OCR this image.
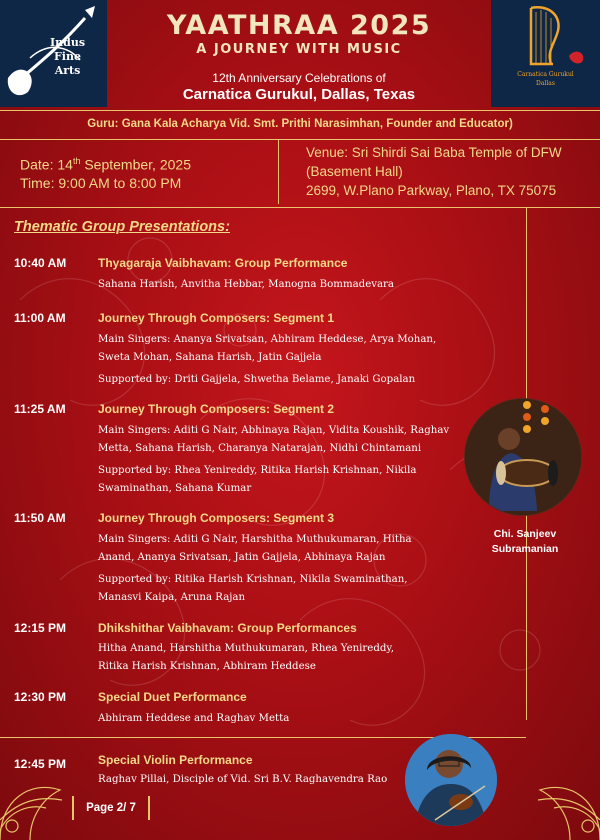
Indus
Fine
Arts	Carnatica Gurukul
Dallas
YAATHRAA 2025
A JOURNEY WITH MUSIC
12th Anniversary Celebrations of
Carnatica Gurukul, Dallas, Texas
Guru: Gana Kala Acharya Vid. Smt. Prithi Narasimhan, Founder and Educator)
Date: 14th September, 2025
Time: 9:00 AM to 8:00 PM
Venue: Sri Shirdi Sai Baba Temple of DFW
(Basement Hall)
2699, W.Plano Parkway, Plano, TX 75075
Thematic Group Presentations:
10:40 AM	Thyagaraja Vaibhavam: Group Performance
Sahana Harish, Anvitha Hebbar, Manogna Bommadevara
11:00 AM	Journey Through Composers: Segment 1
Main Singers: Ananya Srivatsan, Abhiram Heddese, Arya Mohan,
Sweta Mohan, Sahana Harish, Jatin Gajjela
Supported by: Driti Gajjela, Shwetha Belame, Janaki Gopalan
11:25 AM	Journey Through Composers: Segment 2
Main Singers: Aditi G Nair, Abhinaya Rajan, Vidita Koushik, Raghav
Metta, Sahana Harish, Charanya Natarajan, Nidhi Chintamani
Supported by: Rhea Yenireddy, Ritika Harish Krishnan, Nikila
Swaminathan, Sahana Kumar
11:50 AM	Journey Through Composers: Segment 3
Main Singers: Aditi G Nair, Harshitha Muthukumaran, Hitha
Anand, Ananya Srivatsan, Jatin Gajjela, Abhinaya Rajan
Supported by: Ritika Harish Krishnan, Nikila Swaminathan,
Manasvi Kaipa, Aruna Rajan
12:15 PM	Dhikshithar Vaibhavam: Group Performances
Hitha Anand, Harshitha Muthukumaran, Rhea Yenireddy,
Ritika Harish Krishnan, Abhiram Heddese
12:30 PM	Special Duet Performance
Abhiram Heddese and Raghav Metta
12:45 PM	Special Violin Performance
Raghav Pillai, Disciple of Vid. Sri B.V. Raghavendra Rao
Chi. Sanjeev
Subramanian
Page 2/ 7
